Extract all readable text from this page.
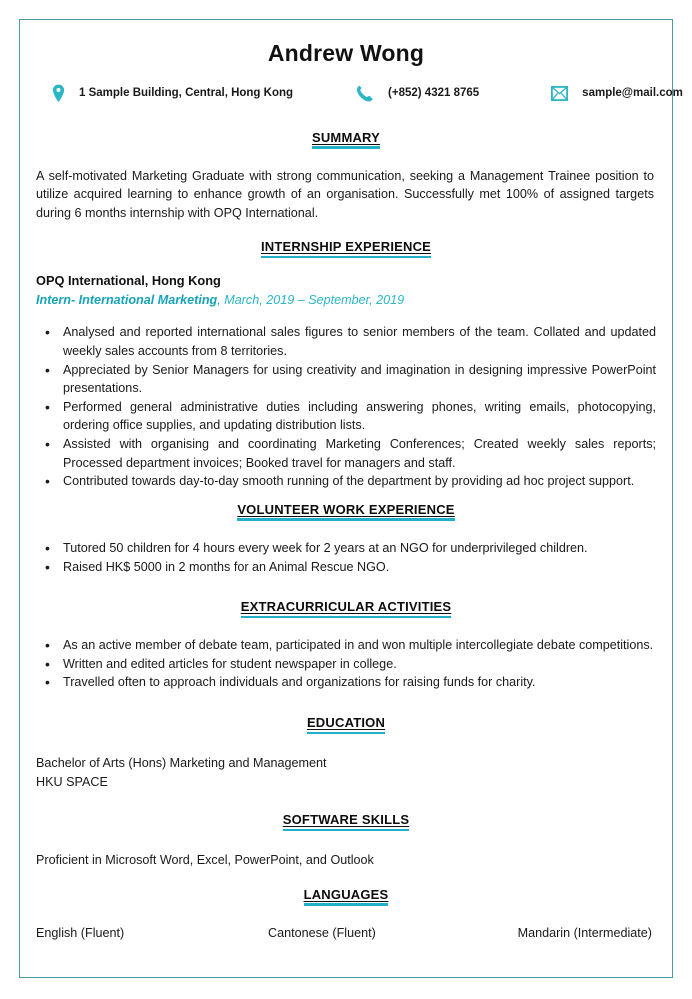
Andrew Wong
1 Sample Building, Central, Hong Kong	(+852) 4321 8765	sample@mail.com
SUMMARY

A self-motivated Marketing Graduate with strong communication, seeking a Management Trainee position to utilize acquired learning to enhance growth of an organisation. Successfully met 100% of assigned targets during 6 months internship with OPQ International.

INTERNSHIP EXPERIENCE

OPQ International, Hong Kong

Intern- International Marketing, March, 2019 – September, 2019

• Analysed and reported international sales figures to senior members of the team. Collated and updated weekly sales accounts from 8 territories.
• Appreciated by Senior Managers for using creativity and imagination in designing impressive PowerPoint presentations.
• Performed general administrative duties including answering phones, writing emails, photocopying, ordering office supplies, and updating distribution lists.
• Assisted with organising and coordinating Marketing Conferences; Created weekly sales reports; Processed department invoices; Booked travel for managers and staff.
• Contributed towards day-to-day smooth running of the department by providing ad hoc project support.
VOLUNTEER WORK EXPERIENCE
• Tutored 50 children for 4 hours every week for 2 years at an NGO for underprivileged children.
• Raised HK$ 5000 in 2 months for an Animal Rescue NGO.
EXTRACURRICULAR ACTIVITIES
• As an active member of debate team, participated in and won multiple intercollegiate debate competitions.
• Written and edited articles for student newspaper in college.
• Travelled often to approach individuals and organizations for raising funds for charity.
EDUCATION

Bachelor of Arts (Hons) Marketing and Management

HKU SPACE

SOFTWARE SKILLS

Proficient in Microsoft Word, Excel, PowerPoint, and Outlook

LANGUAGES
English (Fluent)	Cantonese (Fluent)	Mandarin (Intermediate)
